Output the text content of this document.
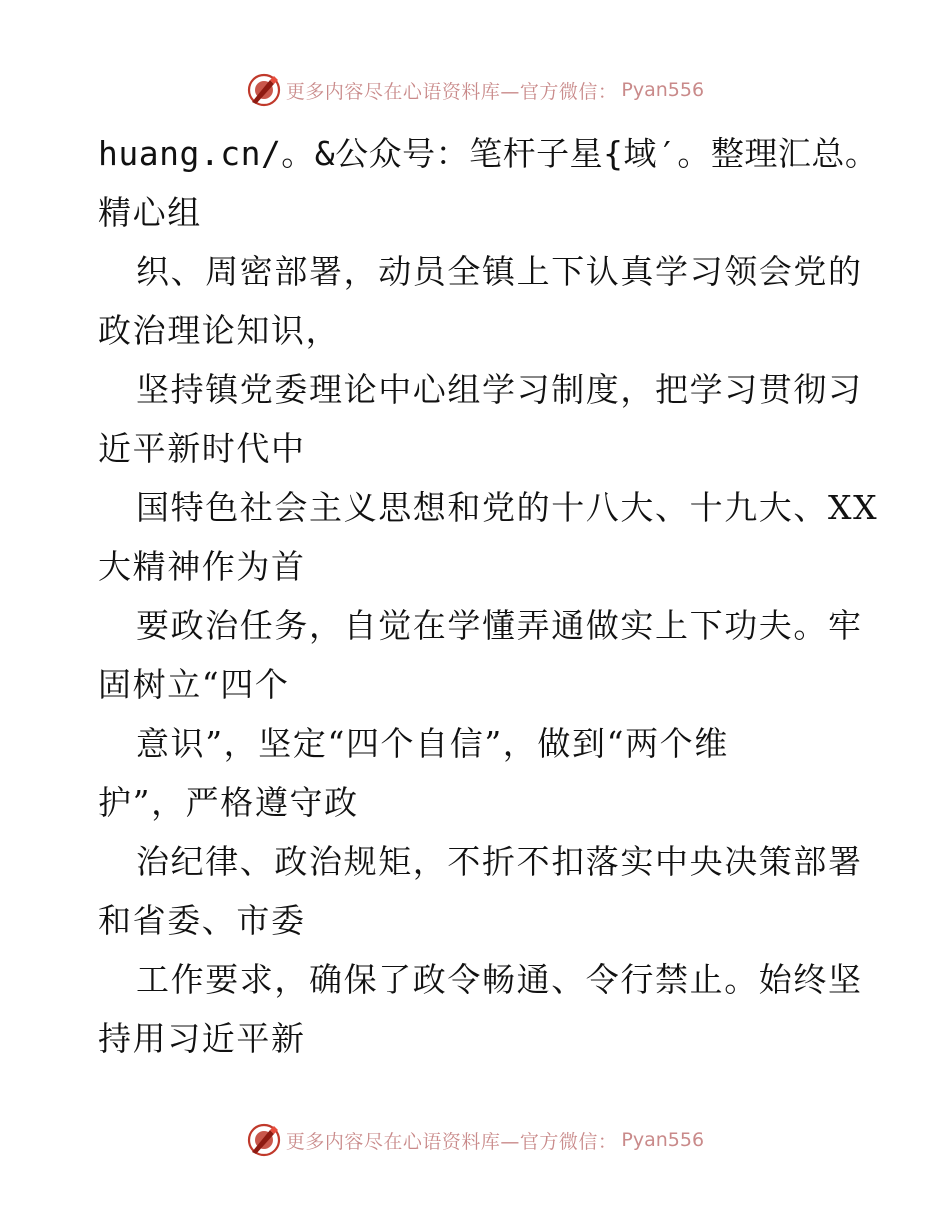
更多内容尽在心语资料库—官方微信： Pyan556
huang.cn/。&公众号：笔杆子星{域′。整理汇总。
精心组
织、周密部署，动员全镇上下认真学习领会党的
政治理论知识，
坚持镇党委理论中心组学习制度，把学习贯彻习
近平新时代中
国特色社会主义思想和党的十八大、十九大、XX
大精神作为首
要政治任务，自觉在学懂弄通做实上下功夫。牢
固树立“四个
意识”，坚定“四个自信”，做到“两个维
护”，严格遵守政
治纪律、政治规矩，不折不扣落实中央决策部署
和省委、市委
工作要求，确保了政令畅通、令行禁止。始终坚
持用习近平新
更多内容尽在心语资料库—官方微信： Pyan556
